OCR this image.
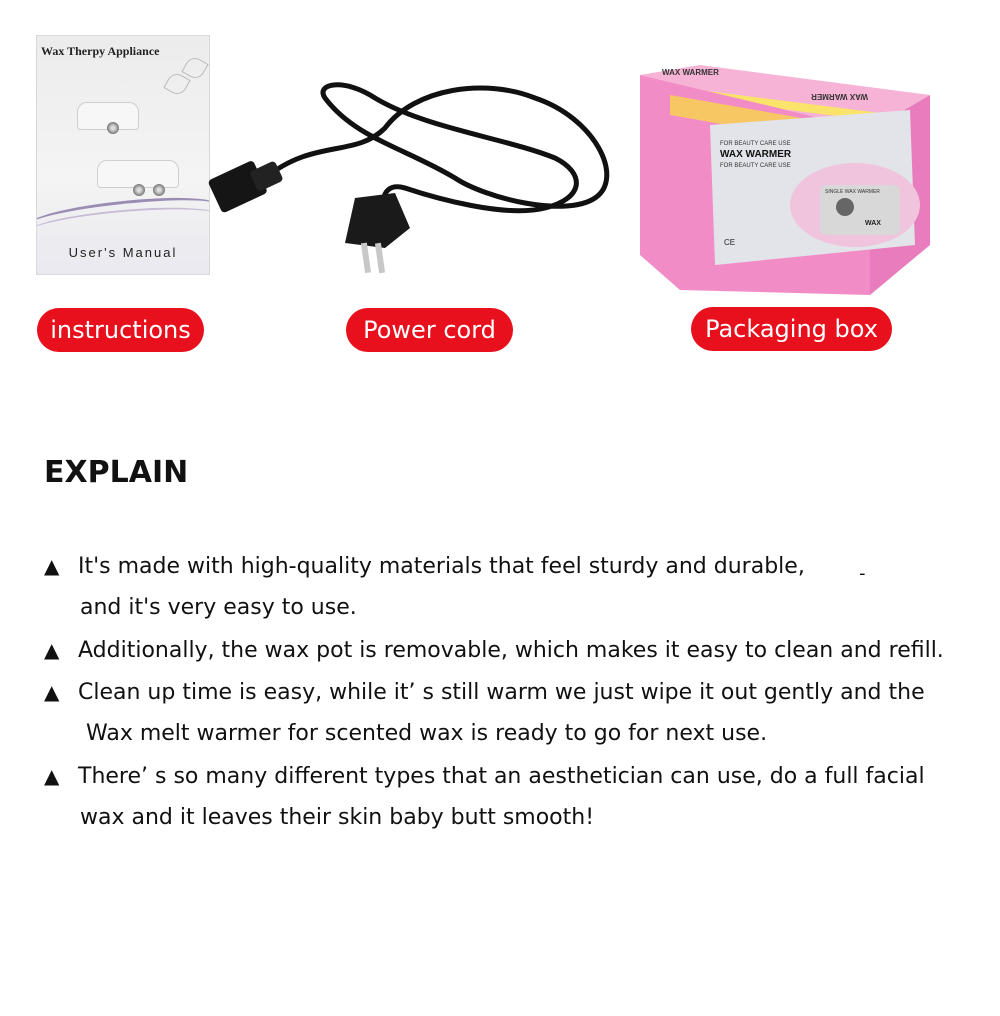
Wax Therpy Appliance
User's Manual
WAX WARMER
WAX WARMER
FOR BEAUTY CARE USE
WAX WARMER
FOR BEAUTY CARE USE
SINGLE WAX WARMER
WAX
CE
instructions	Power cord	Packaging box
EXPLAIN
▲ It's made with high-quality materials that feel sturdy and durable,	-
and it's very easy to use.
▲ Additionally, the wax pot is removable, which makes it easy to clean and refill.
▲ Clean up time is easy, while it’ s still warm we just wipe it out gently and the
Wax melt warmer for scented wax is ready to go for next use.
▲ There’ s so many different types that an aesthetician can use, do a full facial
wax and it leaves their skin baby butt smooth!
